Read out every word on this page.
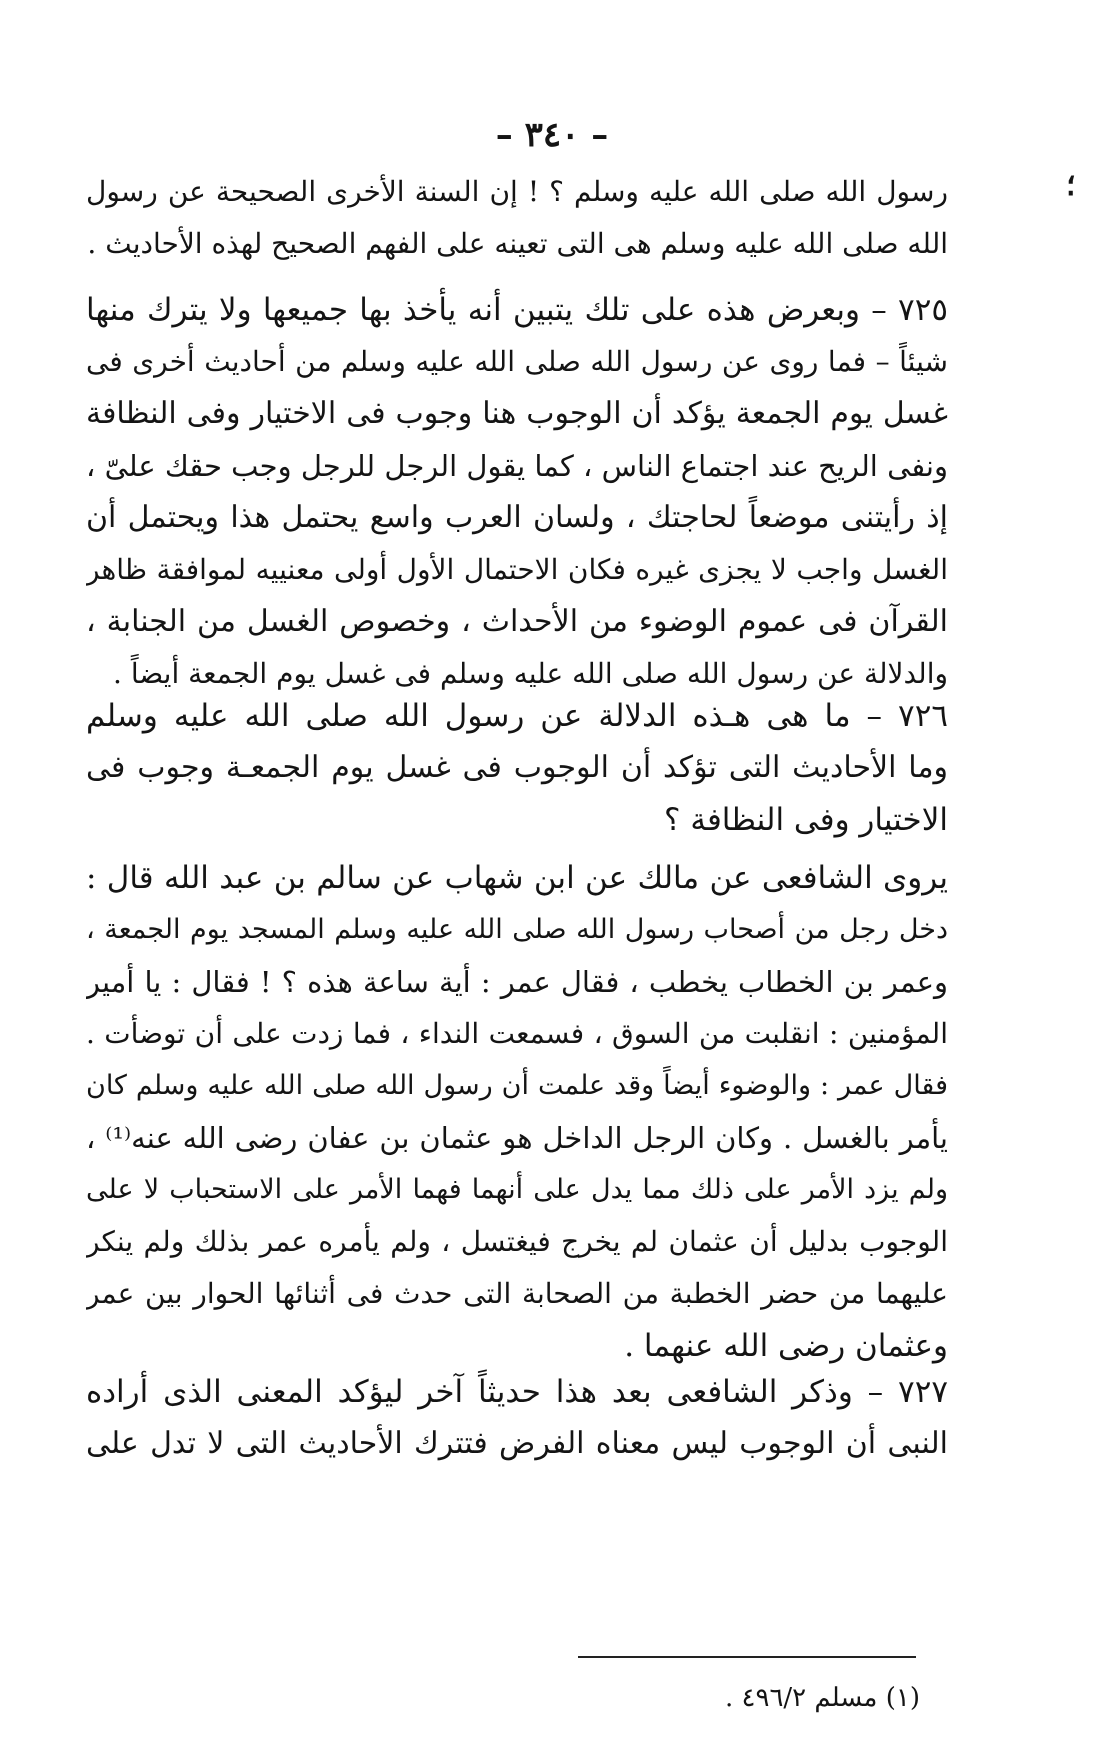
– ٣٤٠ –
؛
رسول الله صلى الله عليه وسلم ؟ ! إن السنة الأخرى الصحيحة عن رسول
الله صلى الله عليه وسلم هى التى تعينه على الفهم الصحيح لهذه الأحاديث .
٧٢٥ – وبعرض هذه على تلك يتبين أنه يأخذ بها جميعها ولا يترك منها
شيئاً – فما روى عن رسول الله صلى الله عليه وسلم من أحاديث أخرى فى
غسل يوم الجمعة يؤكد أن الوجوب هنا وجوب فى الاختيار وفى النظافة
ونفى الريح عند اجتماع الناس ، كما يقول الرجل للرجل وجب حقك علىّ ،
إذ رأيتنى موضعاً لحاجتك ، ولسان العرب واسع يحتمل هذا ويحتمل أن
الغسل واجب لا يجزى غيره فكان الاحتمال الأول أولى معنييه لموافقة ظاهر
القرآن فى عموم الوضوء من الأحداث ، وخصوص الغسل من الجنابة ،
والدلالة عن رسول الله صلى الله عليه وسلم فى غسل يوم الجمعة أيضاً .
٧٢٦ – ما هى هـذه الدلالة عن رسول الله صلى الله عليه وسلم
وما الأحاديث التى تؤكد أن الوجوب فى غسل يوم الجمعـة وجوب فى
الاختيار وفى النظافة ؟
يروى الشافعى عن مالك عن ابن شهاب عن سالم بن عبد الله قال :
دخل رجل من أصحاب رسول الله صلى الله عليه وسلم المسجد يوم الجمعة ،
وعمر بن الخطاب يخطب ، فقال عمر : أية ساعة هذه ؟ ! فقال : يا أمير
المؤمنين : انقلبت من السوق ، فسمعت النداء ، فما زدت على أن توضأت .
فقال عمر : والوضوء أيضاً وقد علمت أن رسول الله صلى الله عليه وسلم كان
يأمر بالغسل . وكان الرجل الداخل هو عثمان بن عفان رضى الله عنه⁽¹⁾ ،
ولم يزد الأمر على ذلك مما يدل على أنهما فهما الأمر على الاستحباب لا على
الوجوب بدليل أن عثمان لم يخرج فيغتسل ، ولم يأمره عمر بذلك ولم ينكر
عليهما من حضر الخطبة من الصحابة التى حدث فى أثنائها الحوار بين عمر
وعثمان رضى الله عنهما .
٧٢٧ – وذكر الشافعى بعد هذا حديثاً آخر ليؤكد المعنى الذى أراده
النبى أن الوجوب ليس معناه الفرض فتترك الأحاديث التى لا تدل على
(١) مسلم ٤٩٦/٢ .
